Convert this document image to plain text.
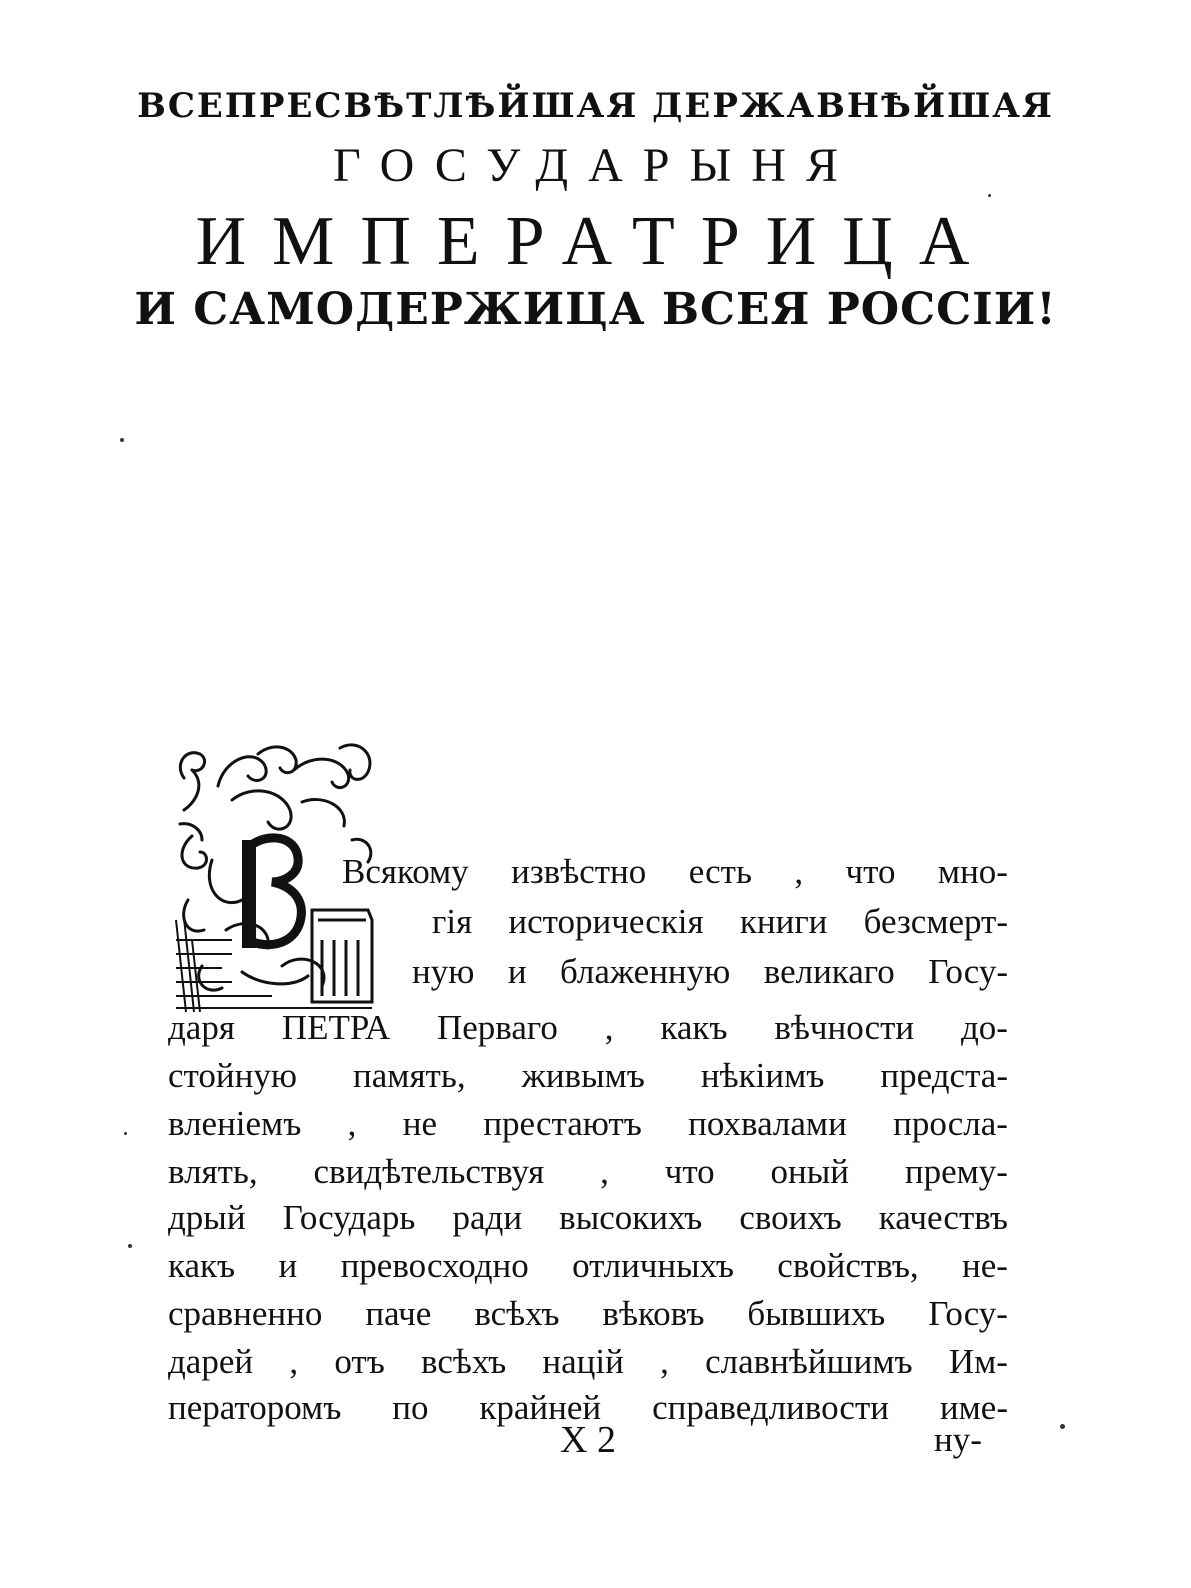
ВСЕПРЕСВѢТЛѢЙШАЯ ДЕРЖАВНѢЙШАЯ
ГОСУДАРЫНЯ
ИМПЕРАТРИЦА
И САМОДЕРЖИЦА ВСЕЯ РОССІИ!
Всякому извѣстно есть , что мно-
гія историческія книги безсмерт-
ную и блаженную великаго Госу-
даря ПЕТРА Перваго , какъ вѣчности до-
стойную память, живымъ нѣкіимъ предста-
вленіемъ , не престаютъ похвалами просла-
влять, свидѣтельствуя , что оный прему-
дрый Государь ради высокихъ своихъ качествъ
какъ и превосходно отличныхъ свойствъ, не-
сравненно паче всѣхъ вѣковъ бывшихъ Госу-
дарей , отъ всѣхъ націй , славнѣйшимъ Им-
ператоромъ по крайней справедливости име-
Х 2	ну-
